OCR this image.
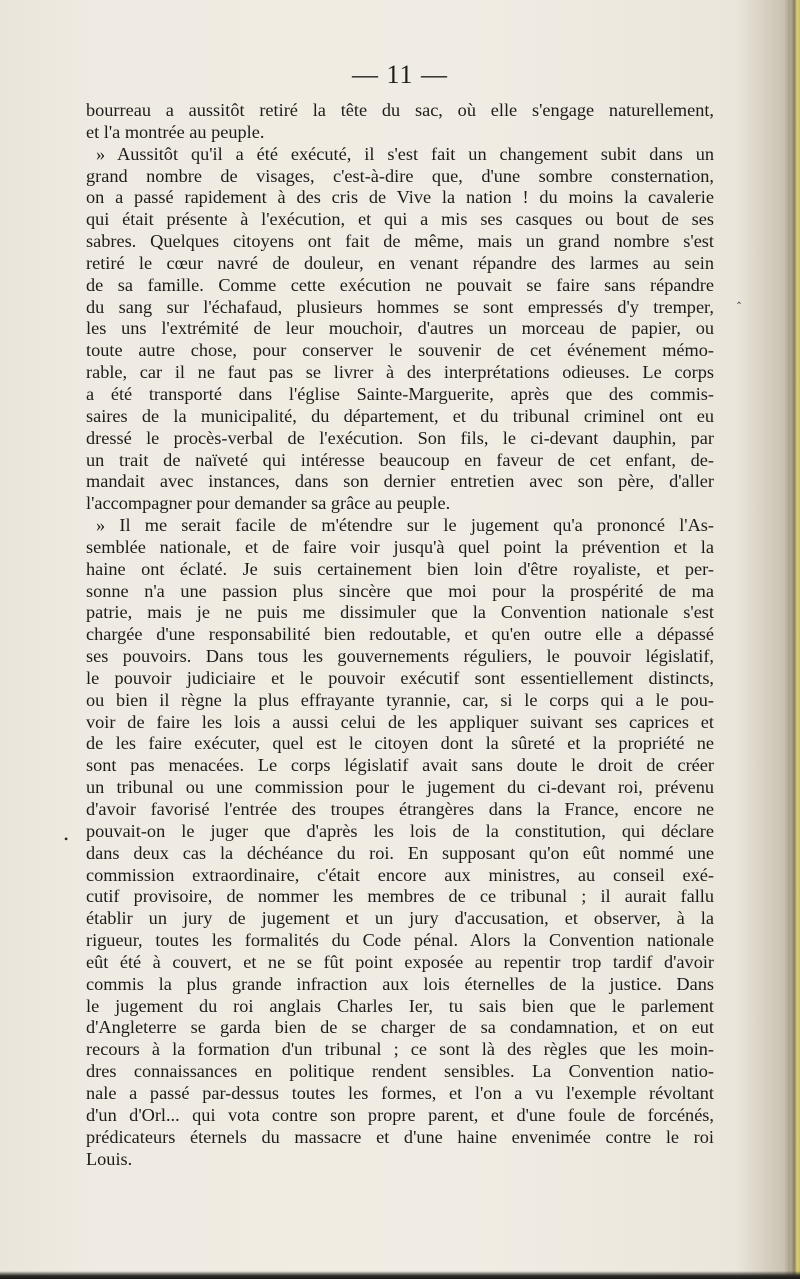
— 11 —
bourreau a aussitôt retiré la tête du sac, où elle s'engage naturellement,
et l'a montrée au peuple.
» Aussitôt qu'il a été exécuté, il s'est fait un changement subit dans un
grand nombre de visages, c'est-à-dire que, d'une sombre consternation,
on a passé rapidement à des cris de Vive la nation ! du moins la cavalerie
qui était présente à l'exécution, et qui a mis ses casques ou bout de ses
sabres. Quelques citoyens ont fait de même, mais un grand nombre s'est
retiré le cœur navré de douleur, en venant répandre des larmes au sein
de sa famille. Comme cette exécution ne pouvait se faire sans répandre
du sang sur l'échafaud, plusieurs hommes se sont empressés d'y tremper,
les uns l'extrémité de leur mouchoir, d'autres un morceau de papier, ou
toute autre chose, pour conserver le souvenir de cet événement mémo-
rable, car il ne faut pas se livrer à des interprétations odieuses. Le corps
a été transporté dans l'église Sainte-Marguerite, après que des commis-
saires de la municipalité, du département, et du tribunal criminel ont eu
dressé le procès-verbal de l'exécution. Son fils, le ci-devant dauphin, par
un trait de naïveté qui intéresse beaucoup en faveur de cet enfant, de-
mandait avec instances, dans son dernier entretien avec son père, d'aller
l'accompagner pour demander sa grâce au peuple.
» Il me serait facile de m'étendre sur le jugement qu'a prononcé l'As-
semblée nationale, et de faire voir jusqu'à quel point la prévention et la
haine ont éclaté. Je suis certainement bien loin d'être royaliste, et per-
sonne n'a une passion plus sincère que moi pour la prospérité de ma
patrie, mais je ne puis me dissimuler que la Convention nationale s'est
chargée d'une responsabilité bien redoutable, et qu'en outre elle a dépassé
ses pouvoirs. Dans tous les gouvernements réguliers, le pouvoir législatif,
le pouvoir judiciaire et le pouvoir exécutif sont essentiellement distincts,
ou bien il règne la plus effrayante tyrannie, car, si le corps qui a le pou-
voir de faire les lois a aussi celui de les appliquer suivant ses caprices et
de les faire exécuter, quel est le citoyen dont la sûreté et la propriété ne
sont pas menacées. Le corps législatif avait sans doute le droit de créer
un tribunal ou une commission pour le jugement du ci-devant roi, prévenu
d'avoir favorisé l'entrée des troupes étrangères dans la France, encore ne
pouvait-on le juger que d'après les lois de la constitution, qui déclare
dans deux cas la déchéance du roi. En supposant qu'on eût nommé une
commission extraordinaire, c'était encore aux ministres, au conseil exé-
cutif provisoire, de nommer les membres de ce tribunal ; il aurait fallu
établir un jury de jugement et un jury d'accusation, et observer, à la
rigueur, toutes les formalités du Code pénal. Alors la Convention nationale
eût été à couvert, et ne se fût point exposée au repentir trop tardif d'avoir
commis la plus grande infraction aux lois éternelles de la justice. Dans
le jugement du roi anglais Charles Ier, tu sais bien que le parlement
d'Angleterre se garda bien de se charger de sa condamnation, et on eut
recours à la formation d'un tribunal ; ce sont là des règles que les moin-
dres connaissances en politique rendent sensibles. La Convention natio-
nale a passé par-dessus toutes les formes, et l'on a vu l'exemple révoltant
d'un d'Orl... qui vota contre son propre parent, et d'une foule de forcénés,
prédicateurs éternels du massacre et d'une haine envenimée contre le roi
Louis.
‸
•
